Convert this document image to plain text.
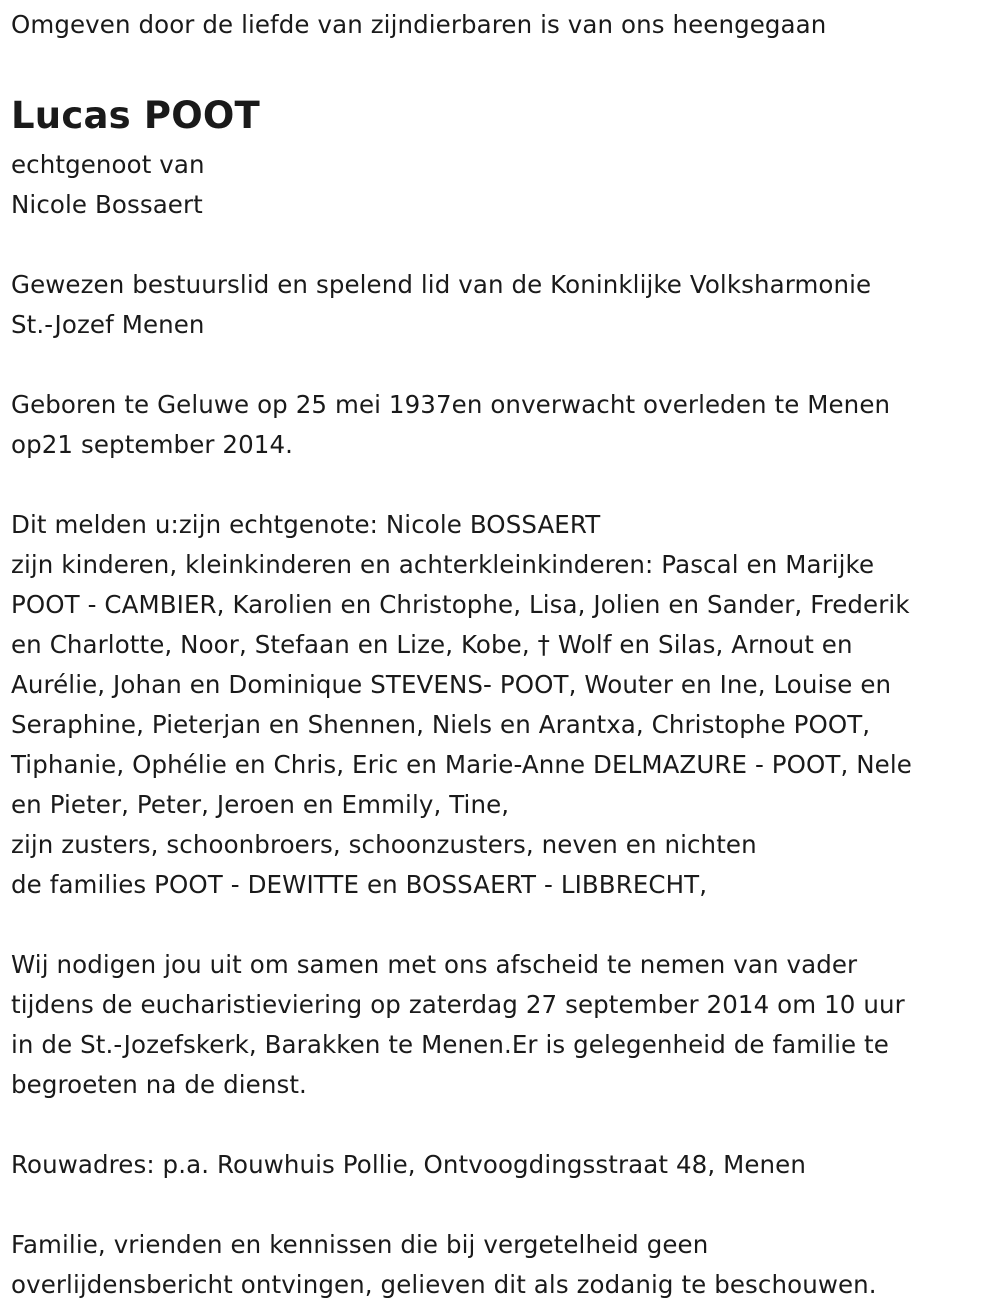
Omgeven door de liefde van zijndierbaren is van ons heengegaan
Lucas POOT
echtgenoot van
Nicole Bossaert
Gewezen bestuurslid en spelend lid van de Koninklijke Volksharmonie
St.-Jozef Menen
Geboren te Geluwe op 25 mei 1937en onverwacht overleden te Menen
op21 september 2014.
Dit melden u:zijn echtgenote: Nicole BOSSAERT
zijn kinderen, kleinkinderen en achterkleinkinderen: Pascal en Marijke
POOT - CAMBIER, Karolien en Christophe, Lisa, Jolien en Sander, Frederik
en Charlotte, Noor, Stefaan en Lize, Kobe, † Wolf en Silas, Arnout en
Aurélie, Johan en Dominique STEVENS- POOT, Wouter en Ine, Louise en
Seraphine, Pieterjan en Shennen, Niels en Arantxa, Christophe POOT,
Tiphanie, Ophélie en Chris, Eric en Marie-Anne DELMAZURE - POOT, Nele
en Pieter, Peter, Jeroen en Emmily, Tine,
zijn zusters, schoonbroers, schoonzusters, neven en nichten
de families POOT - DEWITTE en BOSSAERT - LIBBRECHT,
Wij nodigen jou uit om samen met ons afscheid te nemen van vader
tijdens de eucharistieviering op zaterdag 27 september 2014 om 10 uur
in de St.-Jozefskerk, Barakken te Menen.Er is gelegenheid de familie te
begroeten na de dienst.
Rouwadres: p.a. Rouwhuis Pollie, Ontvoogdingsstraat 48, Menen
Familie, vrienden en kennissen die bij vergetelheid geen
overlijdensbericht ontvingen, gelieven dit als zodanig te beschouwen.
